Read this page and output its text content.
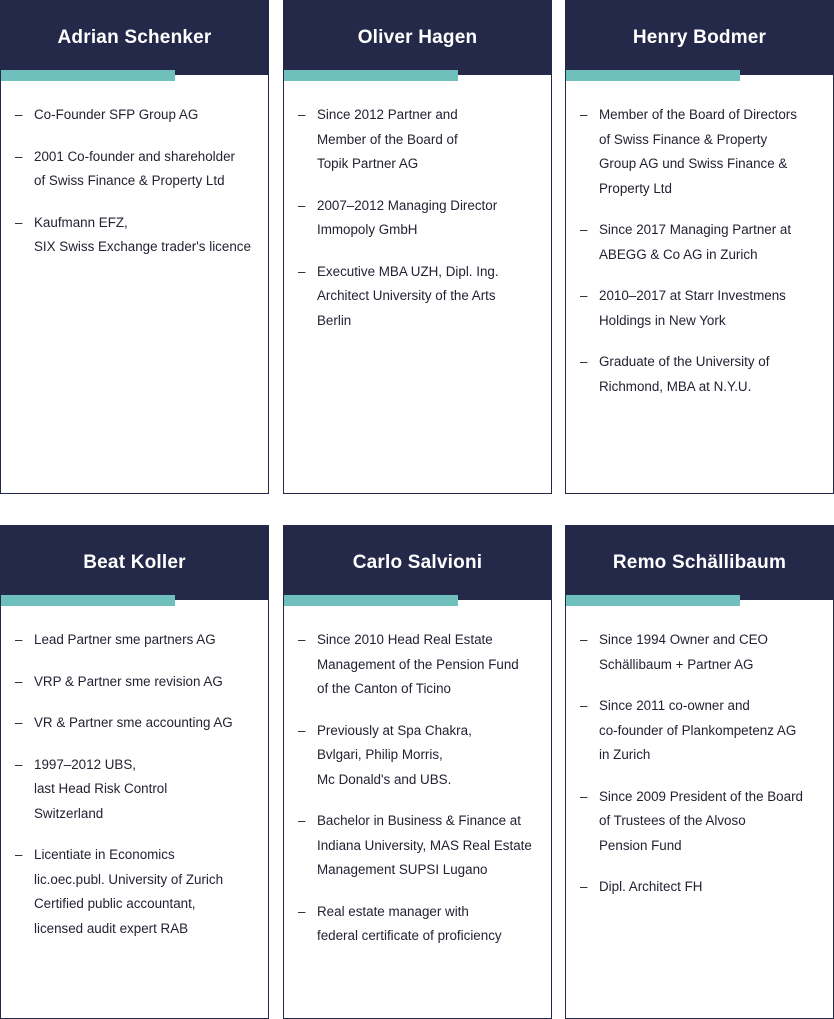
Adrian Schenker
– Co-Founder SFP Group AG
– 2001 Co-founder and shareholder
of Swiss Finance & Property Ltd
– Kaufmann EFZ,
SIX Swiss Exchange trader's licence
Oliver Hagen
– Since 2012 Partner and
Member of the Board of
Topik Partner AG
– 2007–2012 Managing Director
Immopoly GmbH
– Executive MBA UZH, Dipl. Ing.
Architect University of the Arts
Berlin
Henry Bodmer
– Member of the Board of Directors
of Swiss Finance & Property
Group AG und Swiss Finance &
Property Ltd
– Since 2017 Managing Partner at
ABEGG & Co AG in Zurich
– 2010–2017 at Starr Investmens
Holdings in New York
– Graduate of the University of
Richmond, MBA at N.Y.U.
Beat Koller
– Lead Partner sme partners AG
– VRP & Partner sme revision AG
– VR & Partner sme accounting AG
– 1997–2012 UBS,
last Head Risk Control
Switzerland
– Licentiate in Economics
lic.oec.publ. University of Zurich
Certified public accountant,
licensed audit expert RAB
Carlo Salvioni
– Since 2010 Head Real Estate
Management of the Pension Fund
of the Canton of Ticino
– Previously at Spa Chakra,
Bvlgari, Philip Morris,
Mc Donald's and UBS.
– Bachelor in Business & Finance at
Indiana University, MAS Real Estate
Management SUPSI Lugano
– Real estate manager with
federal certificate of proficiency
Remo Schällibaum
– Since 1994 Owner and CEO
Schällibaum + Partner AG
– Since 2011 co-owner and
co-founder of Plankompetenz AG
in Zurich
– Since 2009 President of the Board
of Trustees of the Alvoso
Pension Fund
– Dipl. Architect FH
